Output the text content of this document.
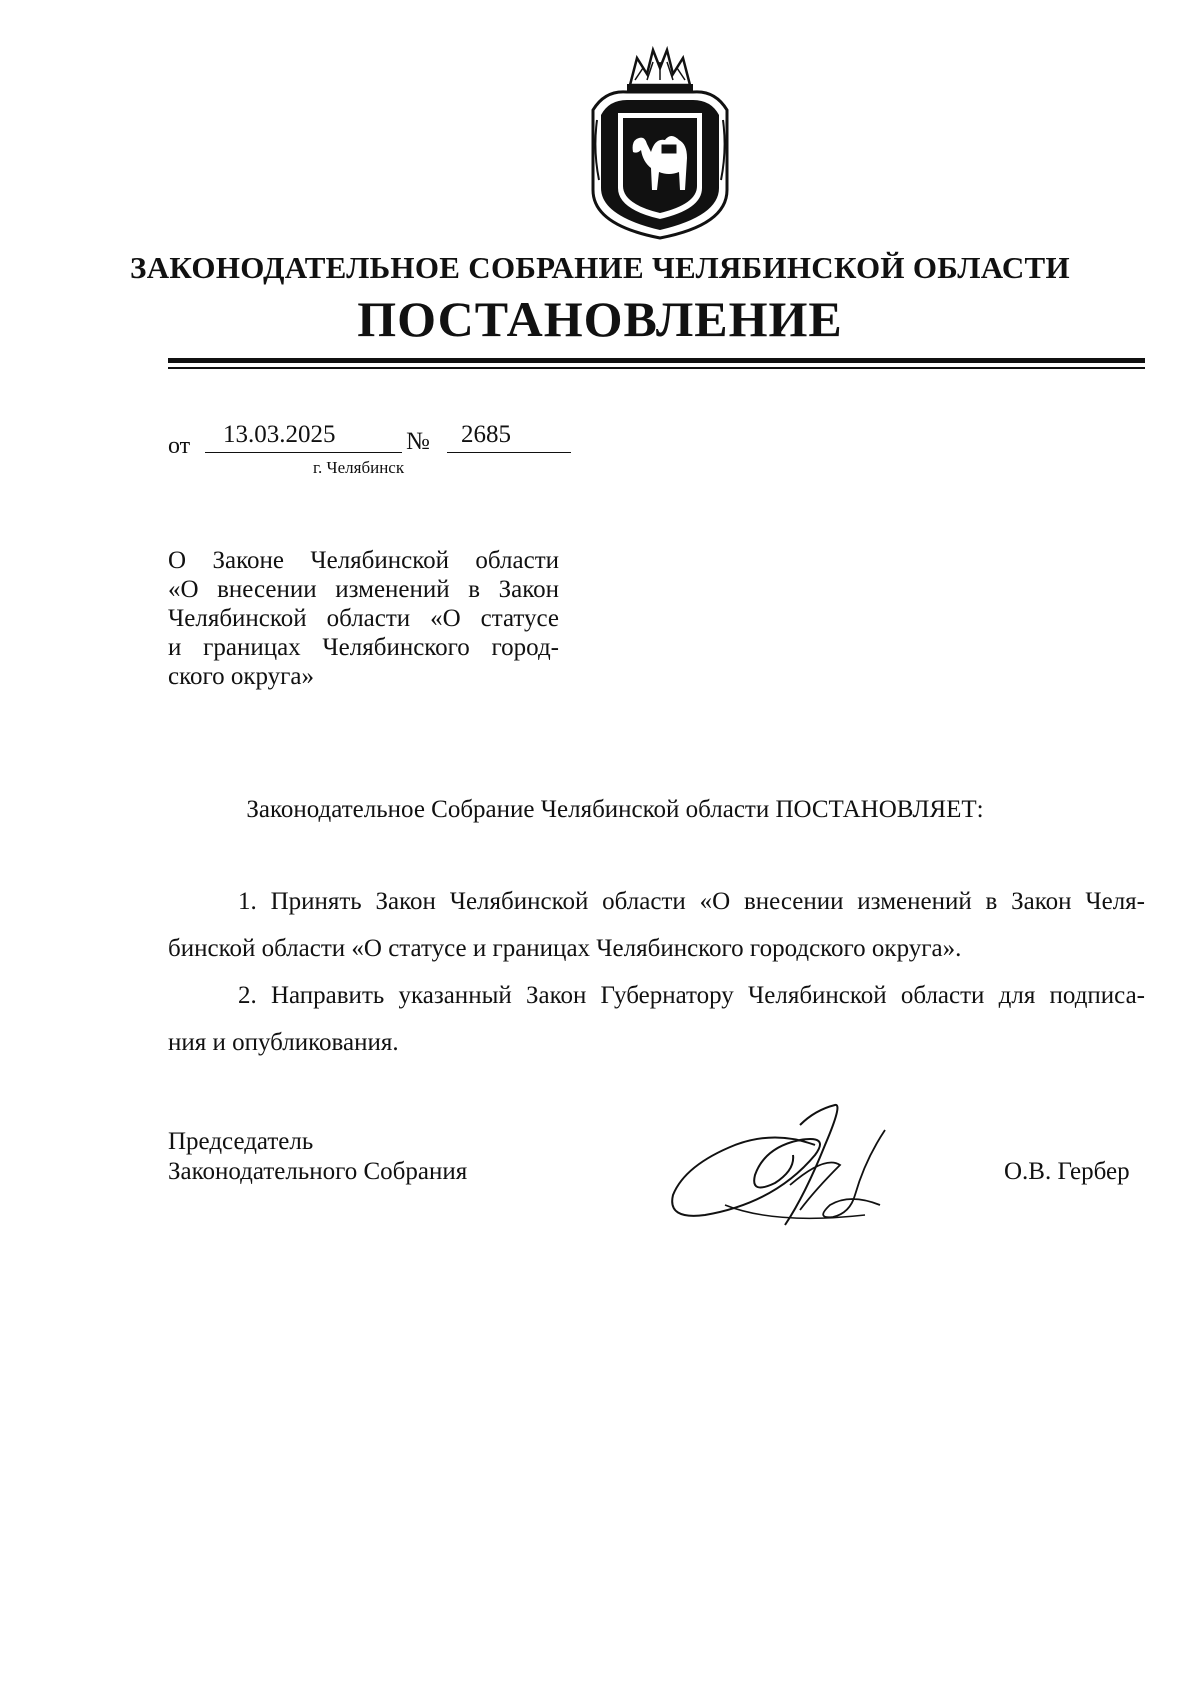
ЗАКОНОДАТЕЛЬНОЕ СОБРАНИЕ ЧЕЛЯБИНСКОЙ ОБЛАСТИ
ПОСТАНОВЛЕНИЕ
от	13.03.2025	№	2685
г. Челябинск
О Законе Челябинской области
«О внесении изменений в Закон
Челябинской области «О статусе
и границах Челябинского город-
ского округа»
Законодательное Собрание Челябинской области ПОСТАНОВЛЯЕТ:

1. Принять Закон Челябинской области «О внесении изменений в Закон Челя-

бинской области «О статусе и границах Челябинского городского округа».

2. Направить указанный Закон Губернатору Челябинской области для подписа-

ния и опубликования.

Председатель
Законодательного Собрания	О.В. Гербер
